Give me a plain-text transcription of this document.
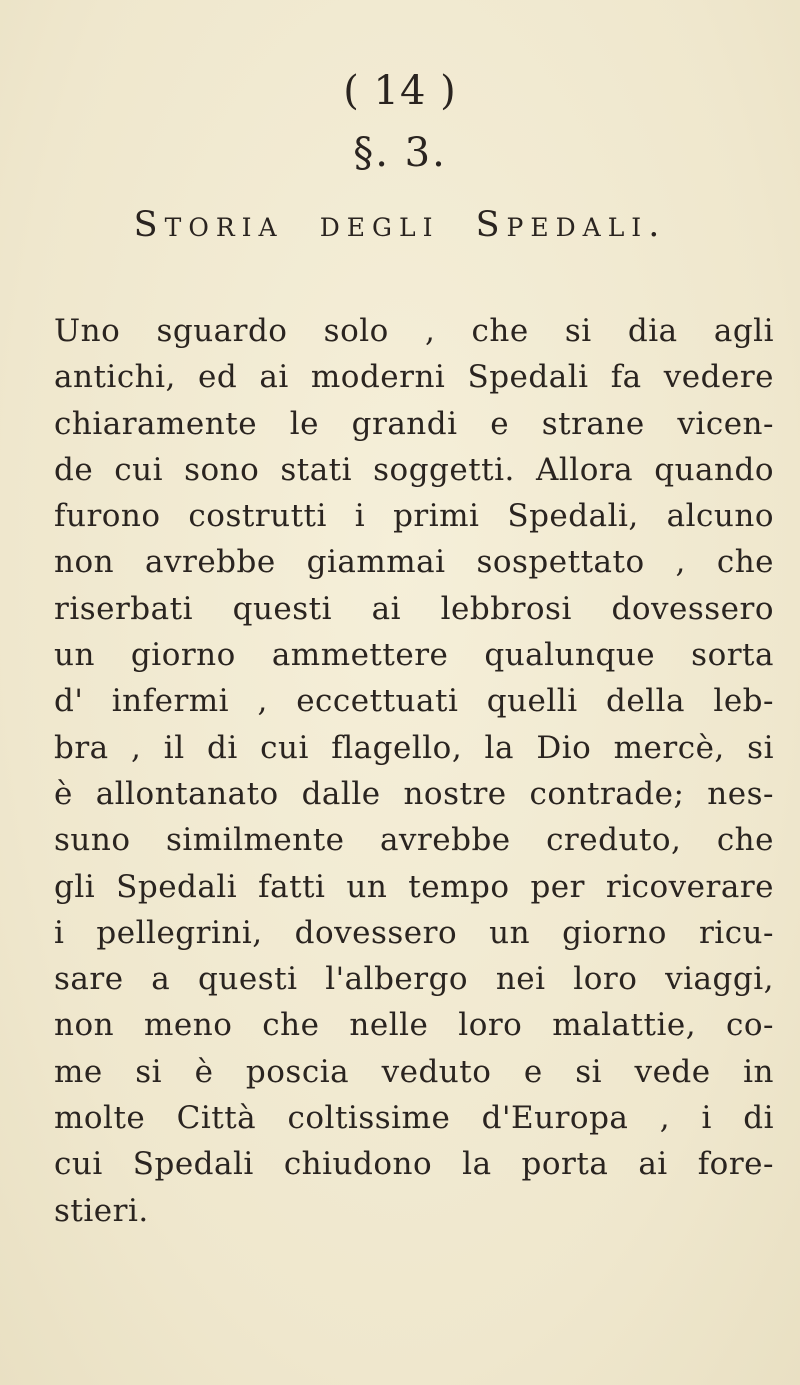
( 14 )
§. 3.
Storia degli Spedali.
Uno sguardo solo , che si dia agli
antichi, ed ai moderni Spedali fa vedere
chiaramente le grandi e strane vicen-
de cui sono stati soggetti. Allora quando
furono costrutti i primi Spedali, alcuno
non avrebbe giammai sospettato , che
riserbati questi ai lebbrosi dovessero
un giorno ammettere qualunque sorta
d' infermi , eccettuati quelli della leb-
bra , il di cui flagello, la Dio mercè, si
è allontanato dalle nostre contrade; nes-
suno similmente avrebbe creduto, che
gli Spedali fatti un tempo per ricoverare
i pellegrini, dovessero un giorno ricu-
sare a questi l'albergo nei loro viaggi,
non meno che nelle loro malattie, co-
me si è poscia veduto e si vede in
molte Città coltissime d'Europa , i di
cui Spedali chiudono la porta ai fore-
stieri.
